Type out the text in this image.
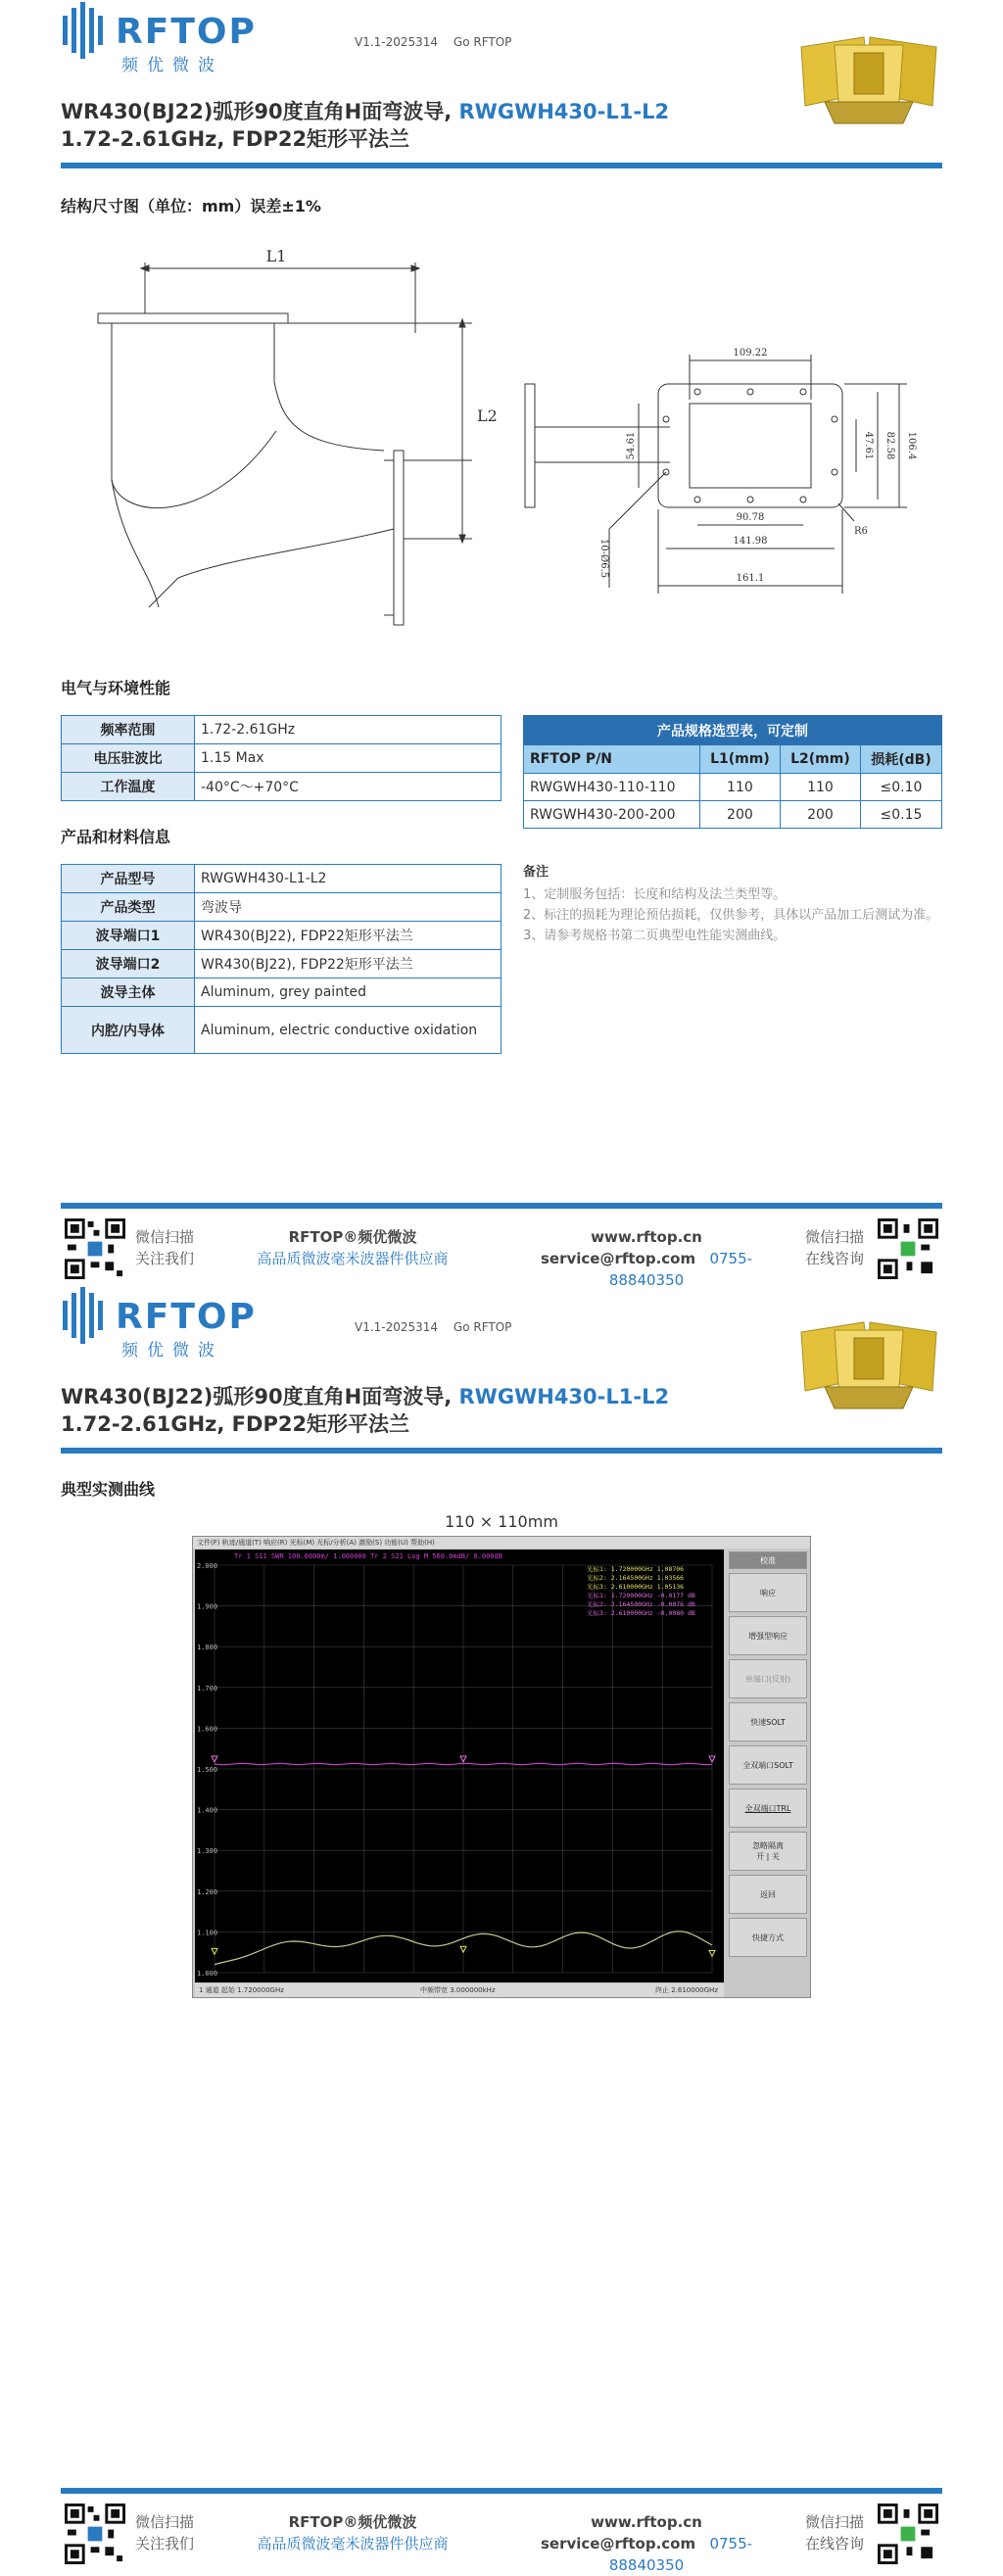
RFTOP
频优微波
V1.1-2025314 Go RFTOP
WR430(BJ22)弧形90度直角H面弯波导, RWGWH430-L1-L2
1.72-2.61GHz, FDP22矩形平法兰
结构尺寸图（单位：mm）误差±1%
L1
L2
109.22
90.78
141.98
161.1
54.61	47.61 82.58 106.4
10-Ø6.5
R6
电气与环境性能
频率范围	1.72-2.61GHz
电压驻波比	1.15 Max
工作温度	-40°C～+70°C
产品规格选型表，可定制			
RFTOP P/N	L1(mm)	L2(mm)	损耗(dB)
RWGWH430-110-110	110	110	≤0.10
RWGWH430-200-200	200	200	≤0.15
产品和材料信息
产品型号	RWGWH430-L1-L2
产品类型	弯波导
波导端口1	WR430(BJ22), FDP22矩形平法兰
波导端口2	WR430(BJ22), FDP22矩形平法兰
波导主体	Aluminum, grey painted
内腔/内导体	Aluminum, electric conductive oxidation
备注
1、定制服务包括：长度和结构及法兰类型等。
2、标注的损耗为理论预估损耗，仅供参考，具体以产品加工后测试为准。
3、请参考规格书第二页典型电性能实测曲线。
微信扫描
关注我们
RFTOP®频优微波
高品质微波毫米波器件供应商
www.rftop.cn
service@rftop.com 0755-88840350
微信扫描
在线咨询
RFTOP
频优微波
V1.1-2025314 Go RFTOP
WR430(BJ22)弧形90度直角H面弯波导, RWGWH430-L1-L2
1.72-2.61GHz, FDP22矩形平法兰
典型实测曲线
110 × 110mm
微信扫描
关注我们
RFTOP®频优微波
高品质微波毫米波器件供应商
www.rftop.cn
service@rftop.com 0755-88840350
微信扫描
在线咨询
文件(F) 轨迹/通道(T) 响应(R) 光标(M) 光标/分析(A) 激励(S) 功能(U) 帮助(H)
Tr 1 S11 SWR 100.0000m/ 1.000000 Tr 2 S21 Log M 500.0mdB/ 0.000dB
2.000
1.900
1.800
1.700
1.600
1.500
1.400
1.300
1.200
1.100
1.000
光标1: 1.720000GHz 1.08706
光标2: 2.164500GHz 1.03566
光标3: 2.610000GHz 1.05136
光标1: 1.720000GHz -0.0177 dB
光标2: 2.164500GHz -0.0076 dB
光标3: 2.610000GHz -0.0080 dB
校准
响应
增强型响应
单端口(反射)
快速SOLT
全双端口SOLT
全双端口TRL
忽略隔离
开 | 关
返回
快捷方式
1 通道 起始 1.720000GHz	中频带宽 3.000000kHz	终止 2.610000GHz
